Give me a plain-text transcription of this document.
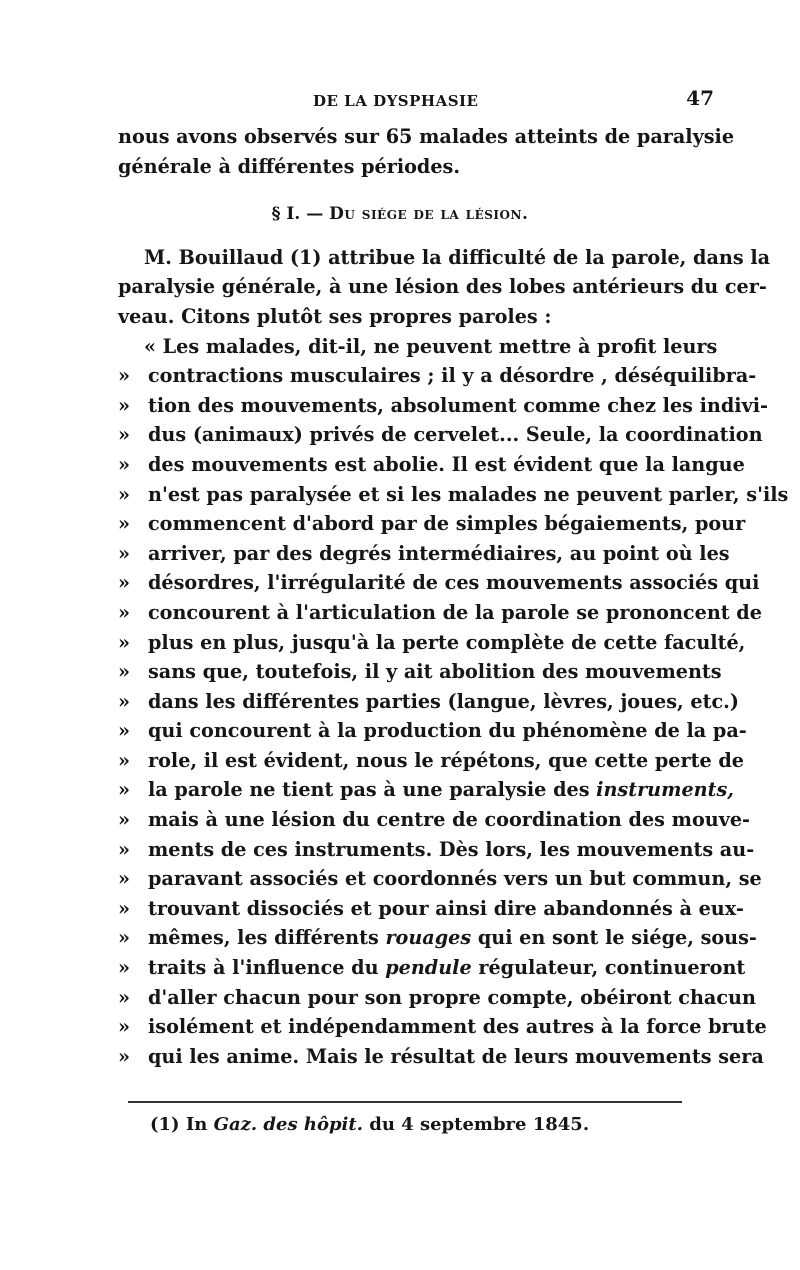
DE LA DYSPHASIE	47
nous avons observés sur 65 malades atteints de paralysie
générale à différentes périodes.
§ I. — Du siége de la lésion.
M. Bouillaud (1) attribue la difficulté de la parole, dans la
paralysie générale, à une lésion des lobes antérieurs du cer-
veau. Citons plutôt ses propres paroles :
« Les malades, dit-il, ne peuvent mettre à profit leurs
» contractions musculaires ; il y a désordre , déséquilibra-
» tion des mouvements, absolument comme chez les indivi-
» dus (animaux) privés de cervelet... Seule, la coordination
» des mouvements est abolie. Il est évident que la langue
» n'est pas paralysée et si les malades ne peuvent parler, s'ils
» commencent d'abord par de simples bégaiements, pour
» arriver, par des degrés intermédiaires, au point où les
» désordres, l'irrégularité de ces mouvements associés qui
» concourent à l'articulation de la parole se prononcent de
» plus en plus, jusqu'à la perte complète de cette faculté,
» sans que, toutefois, il y ait abolition des mouvements
» dans les différentes parties (langue, lèvres, joues, etc.)
» qui concourent à la production du phénomène de la pa-
» role, il est évident, nous le répétons, que cette perte de
» la parole ne tient pas à une paralysie des instruments,
» mais à une lésion du centre de coordination des mouve-
» ments de ces instruments. Dès lors, les mouvements au-
» paravant associés et coordonnés vers un but commun, se
» trouvant dissociés et pour ainsi dire abandonnés à eux-
» mêmes, les différents rouages qui en sont le siége, sous-
» traits à l'influence du pendule régulateur, continueront
» d'aller chacun pour son propre compte, obéiront chacun
» isolément et indépendamment des autres à la force brute
» qui les anime. Mais le résultat de leurs mouvements sera
(1) In Gaz. des hôpit. du 4 septembre 1845.
